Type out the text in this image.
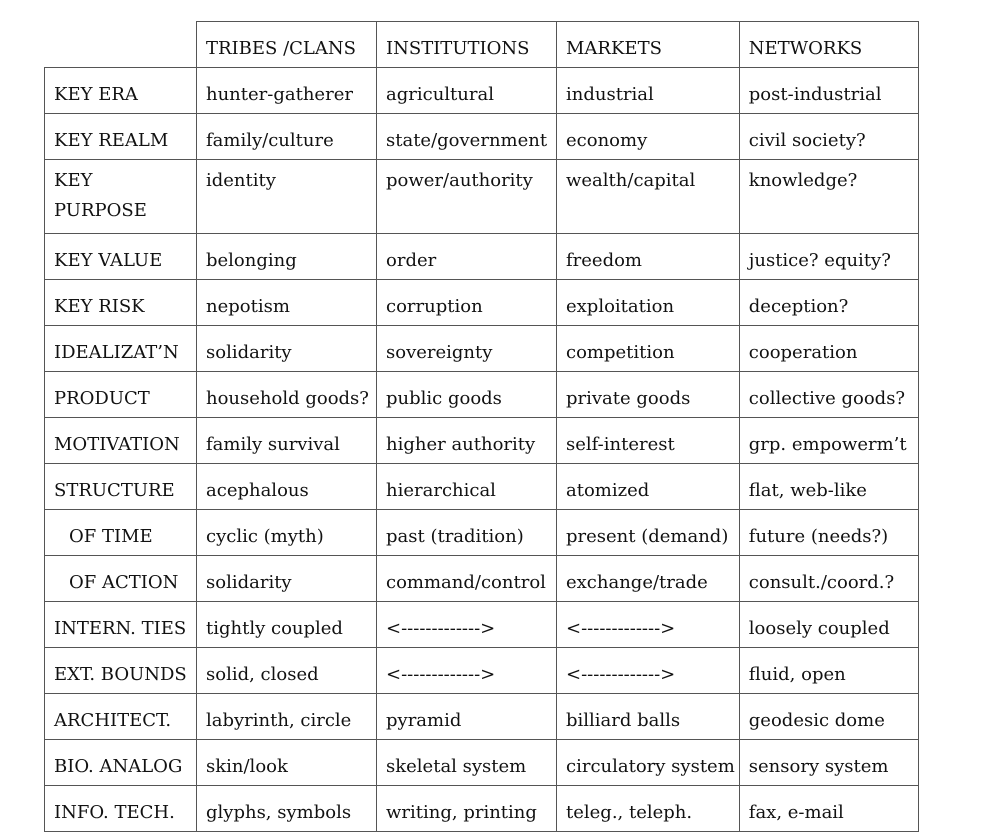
	TRIBES /CLANS	INSTITUTIONS	MARKETS	NETWORKS
KEY ERA	hunter-gatherer	agricultural	industrial	post-industrial
KEY REALM	family/culture	state/government	economy	civil society?

KEY
PURPOSE	identity	power/authority	wealth/capital	knowledge?

KEY VALUE	belonging	order	freedom	justice? equity?
KEY RISK	nepotism	corruption	exploitation	deception?
IDEALIZAT’N	solidarity	sovereignty	competition	cooperation
PRODUCT	household goods?	public goods	private goods	collective goods?
MOTIVATION	family survival	higher authority	self-interest	grp. empowerm’t
STRUCTURE	acephalous	hierarchical	atomized	flat, web-like
OF TIME	cyclic (myth)	past (tradition)	present (demand)	future (needs?)
OF ACTION	solidarity	command/control	exchange/trade	consult./coord.?
INTERN. TIES	tightly coupled	<------------->	<------------->	loosely coupled
EXT. BOUNDS	solid, closed	<------------->	<------------->	fluid, open
ARCHITECT.	labyrinth, circle	pyramid	billiard balls	geodesic dome
BIO. ANALOG	skin/look	skeletal system	circulatory system	sensory system
INFO. TECH.	glyphs, symbols	writing, printing	teleg., teleph.	fax, e-mail
